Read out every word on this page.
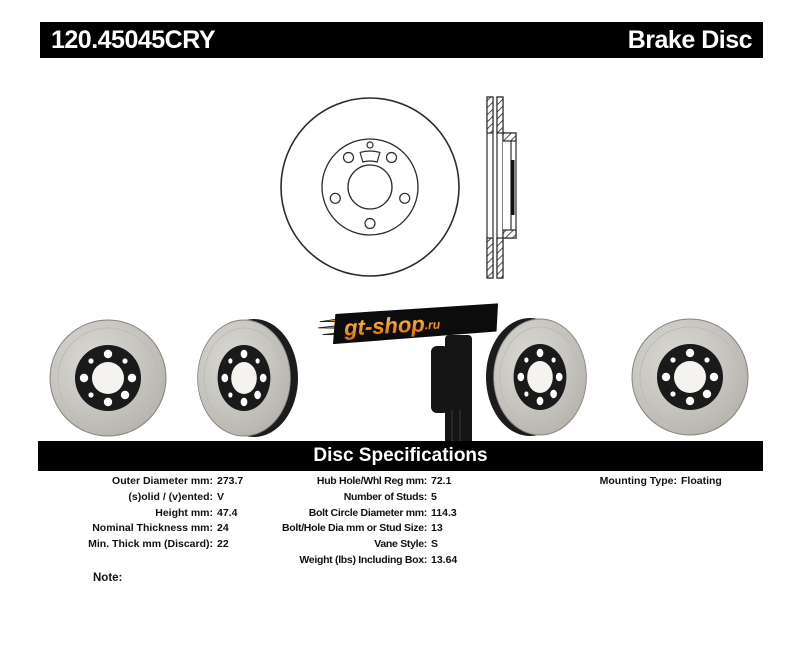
120.45045CRY	Brake Disc
gt-shop.ru
Disc Specifications
Outer Diameter mm: 273.7
(s)olid / (v)ented: V
Height mm: 47.4
Nominal Thickness mm: 24
Min. Thick mm (Discard): 22
Hub Hole/Whl Reg mm: 72.1
Number of Studs: 5
Bolt Circle Diameter mm: 114.3
Bolt/Hole Dia mm or Stud Size: 13
Vane Style: S
Weight (lbs) Including Box: 13.64
Mounting Type: Floating
Note:
